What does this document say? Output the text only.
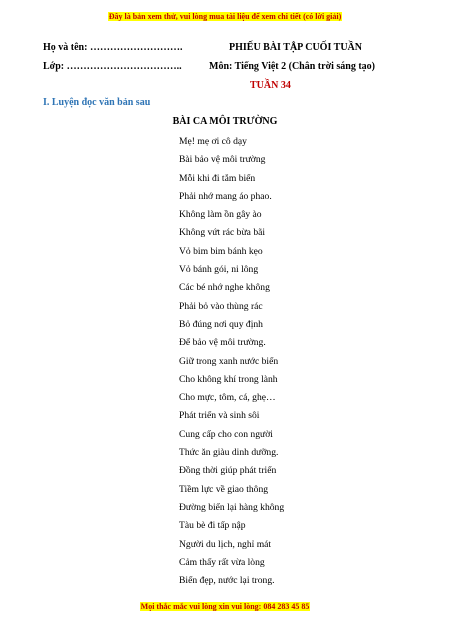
Đây là bản xem thử, vui lòng mua tài liệu để xem chi tiết (có lời giải)
Họ và tên: ……………………….	PHIẾU BÀI TẬP CUỐI TUẦN
Lớp: ……………………………..	Môn: Tiếng Việt 2 (Chân trời sáng tạo)
TUẦN 34
I. Luyện đọc văn bản sau
BÀI CA MÔI TRƯỜNG
Mẹ! mẹ ơi cô dạy
Bài bảo vệ môi trường
Mỗi khi đi tắm biển
Phải nhớ mang áo phao.
Không làm ồn gây ào
Không vứt rác bừa bãi
Vỏ bim bim bánh kẹo
Vỏ bánh gói, ni lông
Các bé nhớ nghe không
Phải bỏ vào thùng rác
Bỏ đúng nơi quy định
Để bảo vệ môi trường.
Giữ trong xanh nước biển
Cho không khí trong lành
Cho mực, tôm, cá, ghẹ…
Phát triển và sinh sôi
Cung cấp cho con người
Thức ăn giàu dinh dưỡng.
Đồng thời giúp phát triển
Tiềm lực về giao thông
Đường biển lại hàng không
Tàu bè đi tấp nập
Người du lịch, nghỉ mát
Cảm thấy rất vừa lòng
Biển đẹp, nước lại trong.
Mọi thắc mắc vui lòng xin vui lòng: 084 283 45 85
